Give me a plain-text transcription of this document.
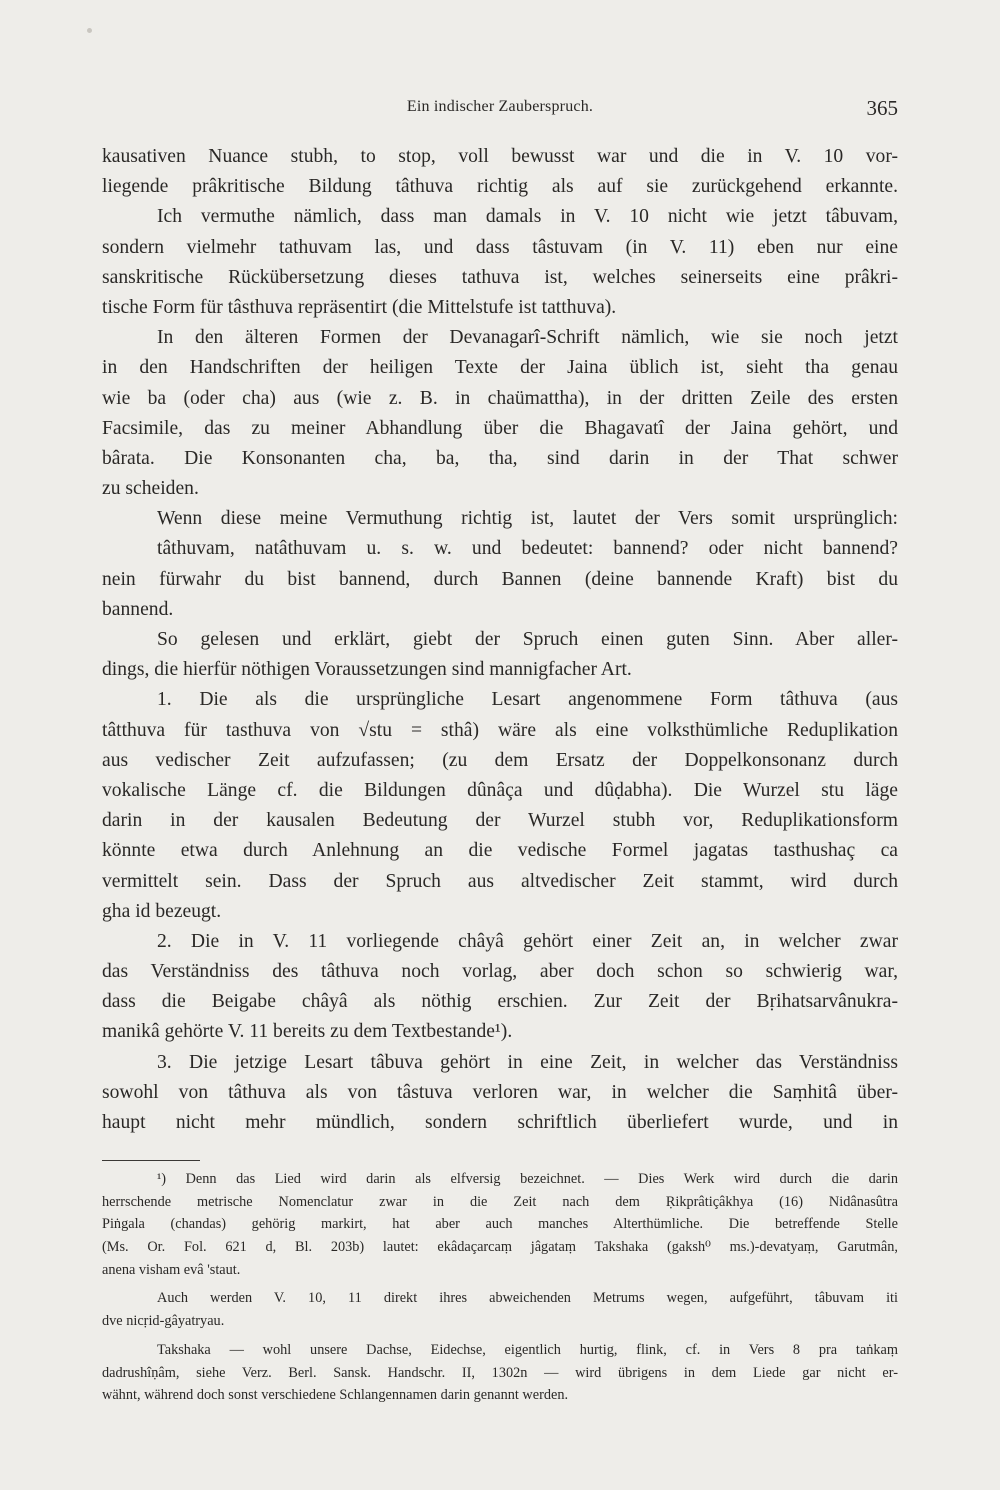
Ein indischer Zauberspruch.	365
kausativen Nuance stubh, to stop, voll bewusst war und die in V. 10 vor-
liegende prâkritische Bildung tâthuva richtig als auf sie zurückgehend erkannte.
Ich vermuthe nämlich, dass man damals in V. 10 nicht wie jetzt tâbuvam,
sondern vielmehr tathuvam las, und dass tâstuvam (in V. 11) eben nur eine
sanskritische Rückübersetzung dieses tathuva ist, welches seinerseits eine prâkri-
tische Form für tâsthuva repräsentirt (die Mittelstufe ist tatthuva).
In den älteren Formen der Devanagarî-Schrift nämlich, wie sie noch jetzt
in den Handschriften der heiligen Texte der Jaina üblich ist, sieht tha genau
wie ba (oder cha) aus (wie z. B. in chaümattha), in der dritten Zeile des ersten
Facsimile, das zu meiner Abhandlung über die Bhagavatî der Jaina gehört, und
bârata. Die Konsonanten cha, ba, tha, sind darin in der That schwer
zu scheiden.
Wenn diese meine Vermuthung richtig ist, lautet der Vers somit ursprünglich:
tâthuvam, natâthuvam u. s. w. und bedeutet: bannend? oder nicht bannend?
nein fürwahr du bist bannend, durch Bannen (deine bannende Kraft) bist du
bannend.
So gelesen und erklärt, giebt der Spruch einen guten Sinn. Aber aller-
dings, die hierfür nöthigen Voraussetzungen sind mannigfacher Art.
1. Die als die ursprüngliche Lesart angenommene Form tâthuva (aus
tâtthuva für tasthuva von √stu = sthâ) wäre als eine volksthümliche Reduplikation
aus vedischer Zeit aufzufassen; (zu dem Ersatz der Doppelkonsonanz durch
vokalische Länge cf. die Bildungen dûnâça und dûḍabha). Die Wurzel stu läge
darin in der kausalen Bedeutung der Wurzel stubh vor, Reduplikationsform
könnte etwa durch Anlehnung an die vedische Formel jagatas tasthushaç ca
vermittelt sein. Dass der Spruch aus altvedischer Zeit stammt, wird durch
gha id bezeugt.
2. Die in V. 11 vorliegende châyâ gehört einer Zeit an, in welcher zwar
das Verständniss des tâthuva noch vorlag, aber doch schon so schwierig war,
dass die Beigabe châyâ als nöthig erschien. Zur Zeit der Bṛihatsarvânukra-
manikâ gehörte V. 11 bereits zu dem Textbestande¹).
3. Die jetzige Lesart tâbuva gehört in eine Zeit, in welcher das Verständniss
sowohl von tâthuva als von tâstuva verloren war, in welcher die Saṃhitâ über-
haupt nicht mehr mündlich, sondern schriftlich überliefert wurde, und in
¹) Denn das Lied wird darin als elfversig bezeichnet. — Dies Werk wird durch die darin
herrschende metrische Nomenclatur zwar in die Zeit nach dem Ṛikprâtiçâkhya (16) Nidânasûtra
Piṅgala (chandas) gehörig markirt, hat aber auch manches Alterthümliche. Die betreffende Stelle
(Ms. Or. Fol. 621 d, Bl. 203b) lautet: ekâdaçarcaṃ jâgataṃ Takshaka (gaksh⁰ ms.)-devatyaṃ, Garutmân,
anena visham evâ 'staut.
Auch werden V. 10, 11 direkt ihres abweichenden Metrums wegen, aufgeführt, tâbuvam iti
dve nicṛid-gâyatryau.
Takshaka — wohl unsere Dachse, Eidechse, eigentlich hurtig, flink, cf. in Vers 8 pra taṅkaṃ
dadrushîṇâm, siehe Verz. Berl. Sansk. Handschr. II, 1302n — wird übrigens in dem Liede gar nicht er-
wähnt, während doch sonst verschiedene Schlangennamen darin genannt werden.
